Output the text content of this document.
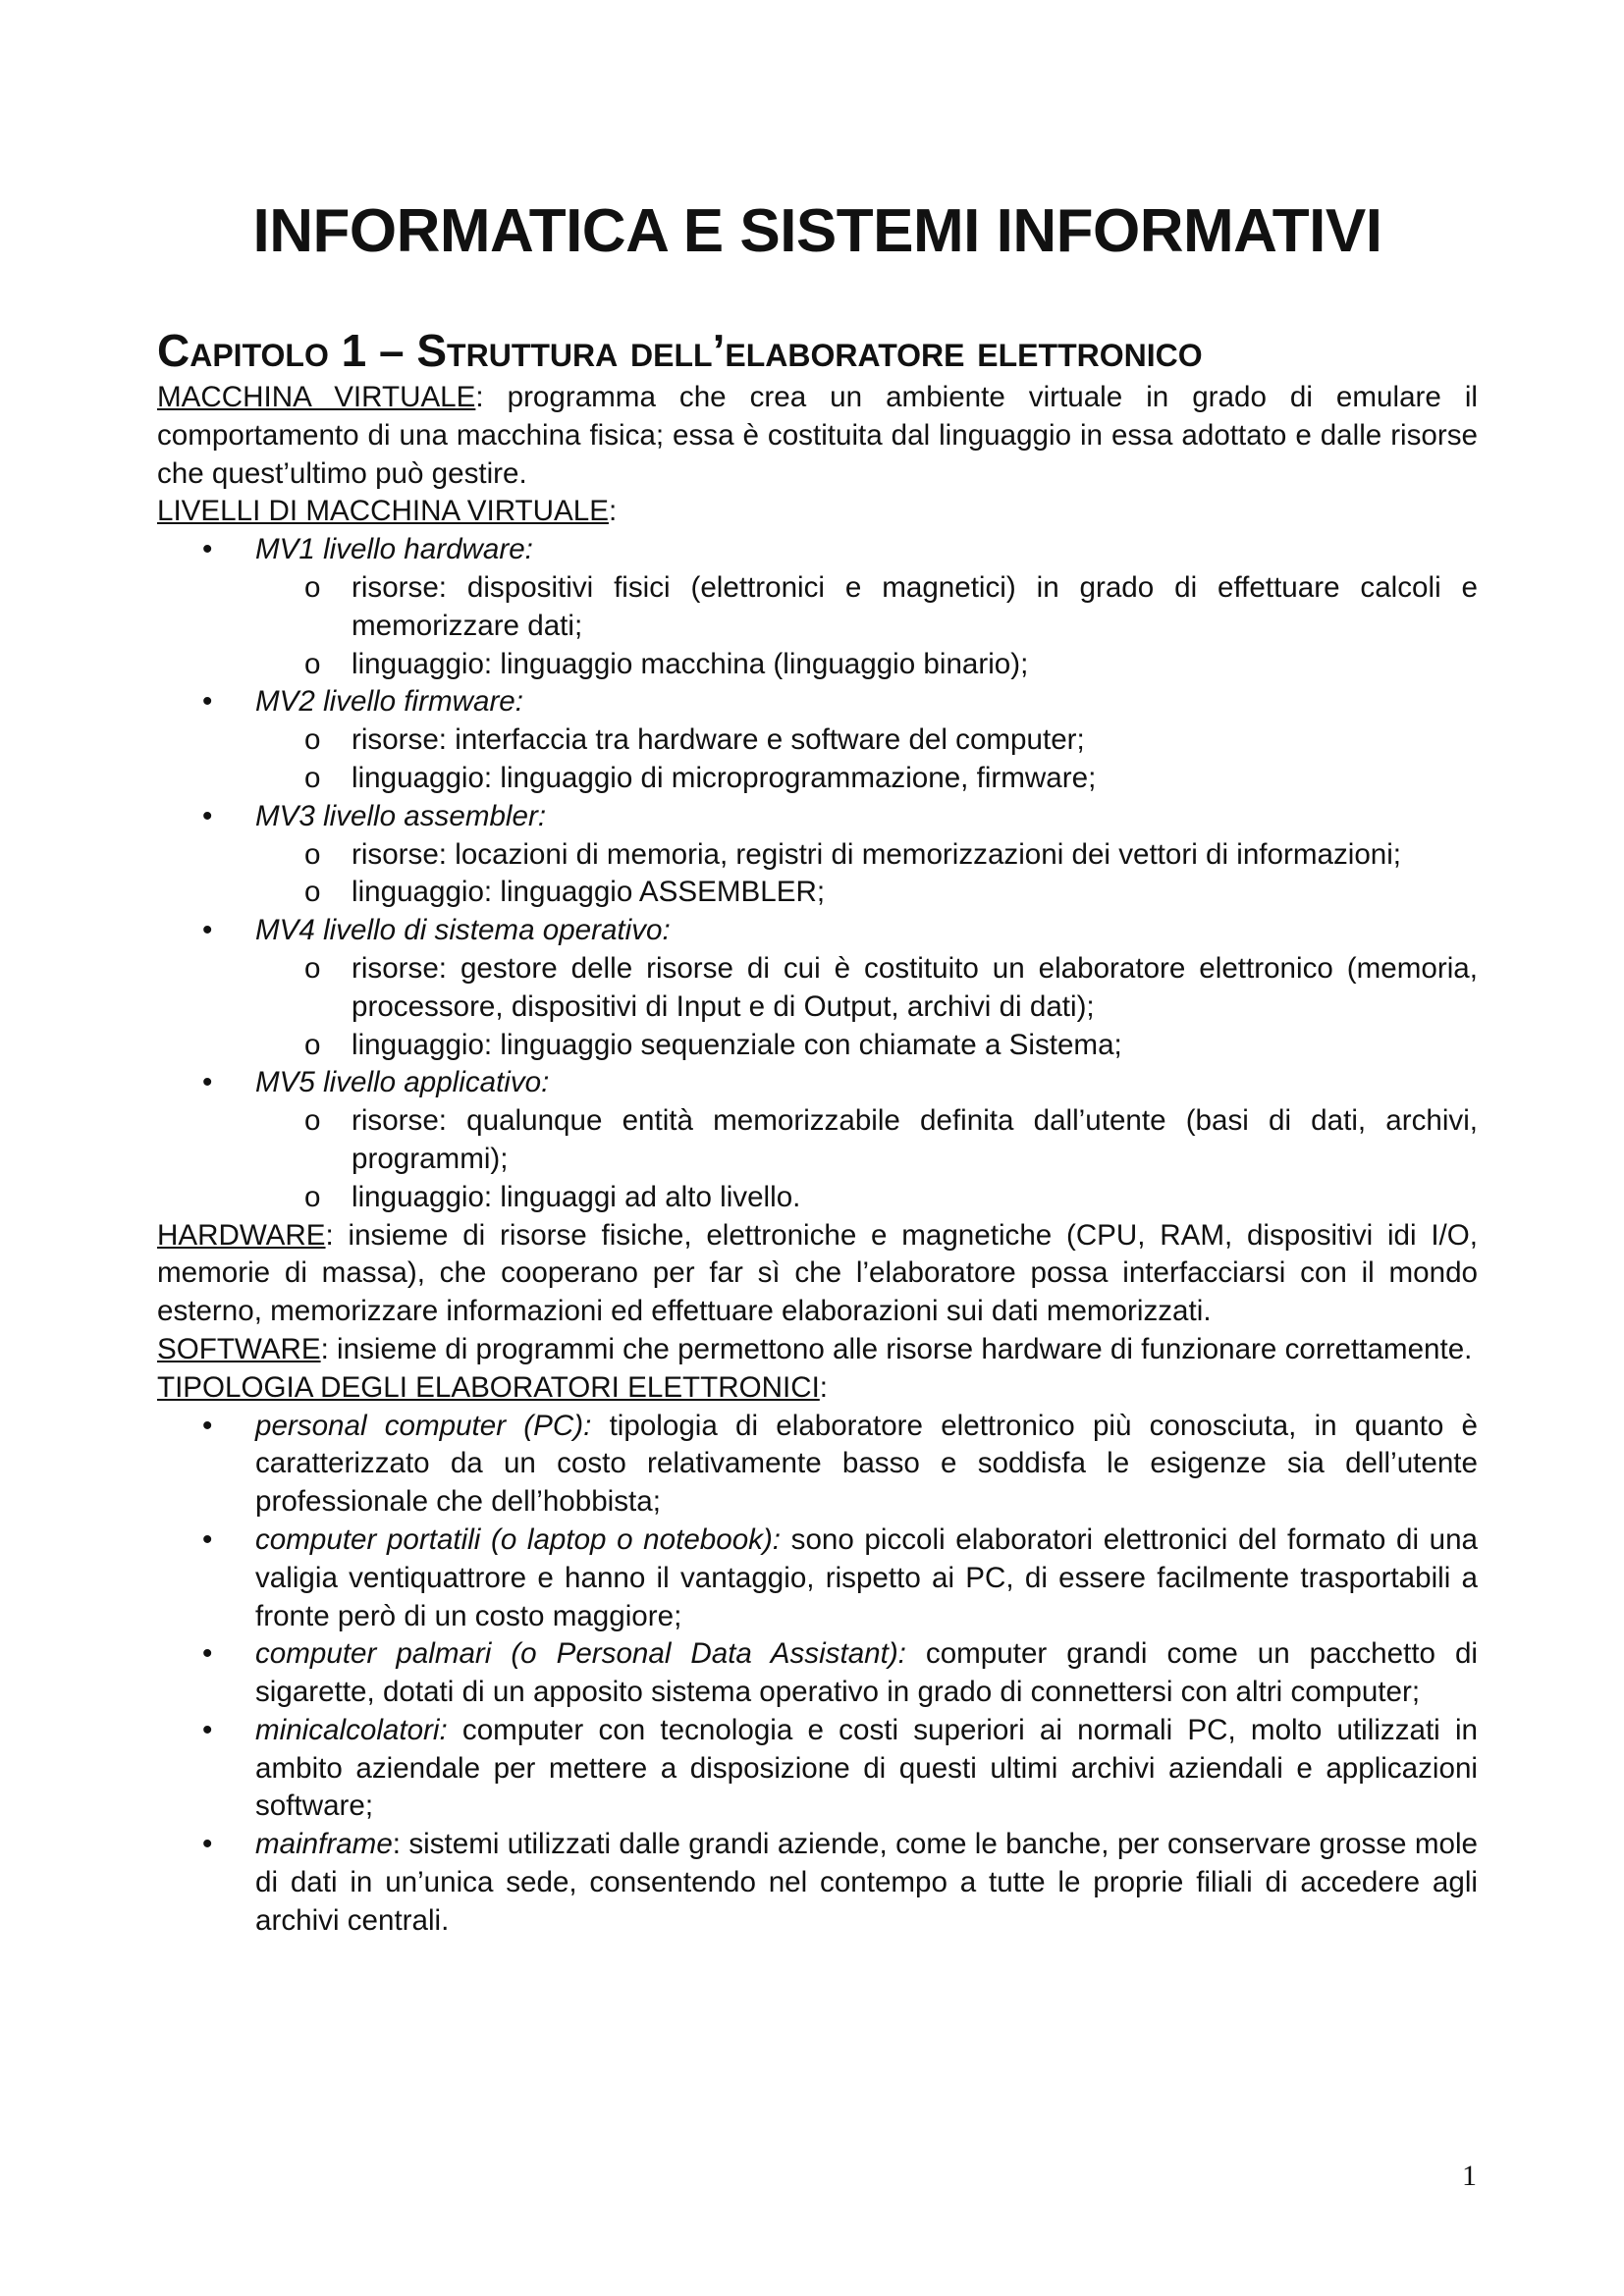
INFORMATICA E SISTEMI INFORMATIVI
Capitolo 1 – Struttura dell’elaboratore elettronico

MACCHINA VIRTUALE: programma che crea un ambiente virtuale in grado di emulare il comportamento di una macchina fisica; essa è costituita dal linguaggio in essa adottato e dalle risorse che quest’ultimo può gestire.

LIVELLI DI MACCHINA VIRTUALE:

• MV1 livello hardware:
o risorse: dispositivi fisici (elettronici e magnetici) in grado di effettuare calcoli e memorizzare dati;
o linguaggio: linguaggio macchina (linguaggio binario);
• MV2 livello firmware:
o risorse: interfaccia tra hardware e software del computer;
o linguaggio: linguaggio di microprogrammazione, firmware;
• MV3 livello assembler:
o risorse: locazioni di memoria, registri di memorizzazioni dei vettori di informazioni;
o linguaggio: linguaggio ASSEMBLER;
• MV4 livello di sistema operativo:
o risorse: gestore delle risorse di cui è costituito un elaboratore elettronico (memoria, processore, dispositivi di Input e di Output, archivi di dati);
o linguaggio: linguaggio sequenziale con chiamate a Sistema;
• MV5 livello applicativo:
o risorse: qualunque entità memorizzabile definita dall’utente (basi di dati, archivi, programmi);
o linguaggio: linguaggi ad alto livello.

HARDWARE: insieme di risorse fisiche, elettroniche e magnetiche (CPU, RAM, dispositivi idi I/O, memorie di massa), che cooperano per far sì che l’elaboratore possa interfacciarsi con il mondo esterno, memorizzare informazioni ed effettuare elaborazioni sui dati memorizzati.

SOFTWARE: insieme di programmi che permettono alle risorse hardware di funzionare correttamente.

TIPOLOGIA DEGLI ELABORATORI ELETTRONICI:

• personal computer (PC): tipologia di elaboratore elettronico più conosciuta, in quanto è caratterizzato da un costo relativamente basso e soddisfa le esigenze sia dell’utente professionale che dell’hobbista;
• computer portatili (o laptop o notebook): sono piccoli elaboratori elettronici del formato di una valigia ventiquattrore e hanno il vantaggio, rispetto ai PC, di essere facilmente trasportabili a fronte però di un costo maggiore;
• computer palmari (o Personal Data Assistant): computer grandi come un pacchetto di sigarette, dotati di un apposito sistema operativo in grado di connettersi con altri computer;
• minicalcolatori: computer con tecnologia e costi superiori ai normali PC, molto utilizzati in ambito aziendale per mettere a disposizione di questi ultimi archivi aziendali e applicazioni software;
• mainframe: sistemi utilizzati dalle grandi aziende, come le banche, per conservare grosse mole di dati in un’unica sede, consentendo nel contempo a tutte le proprie filiali di accedere agli archivi centrali.
1
